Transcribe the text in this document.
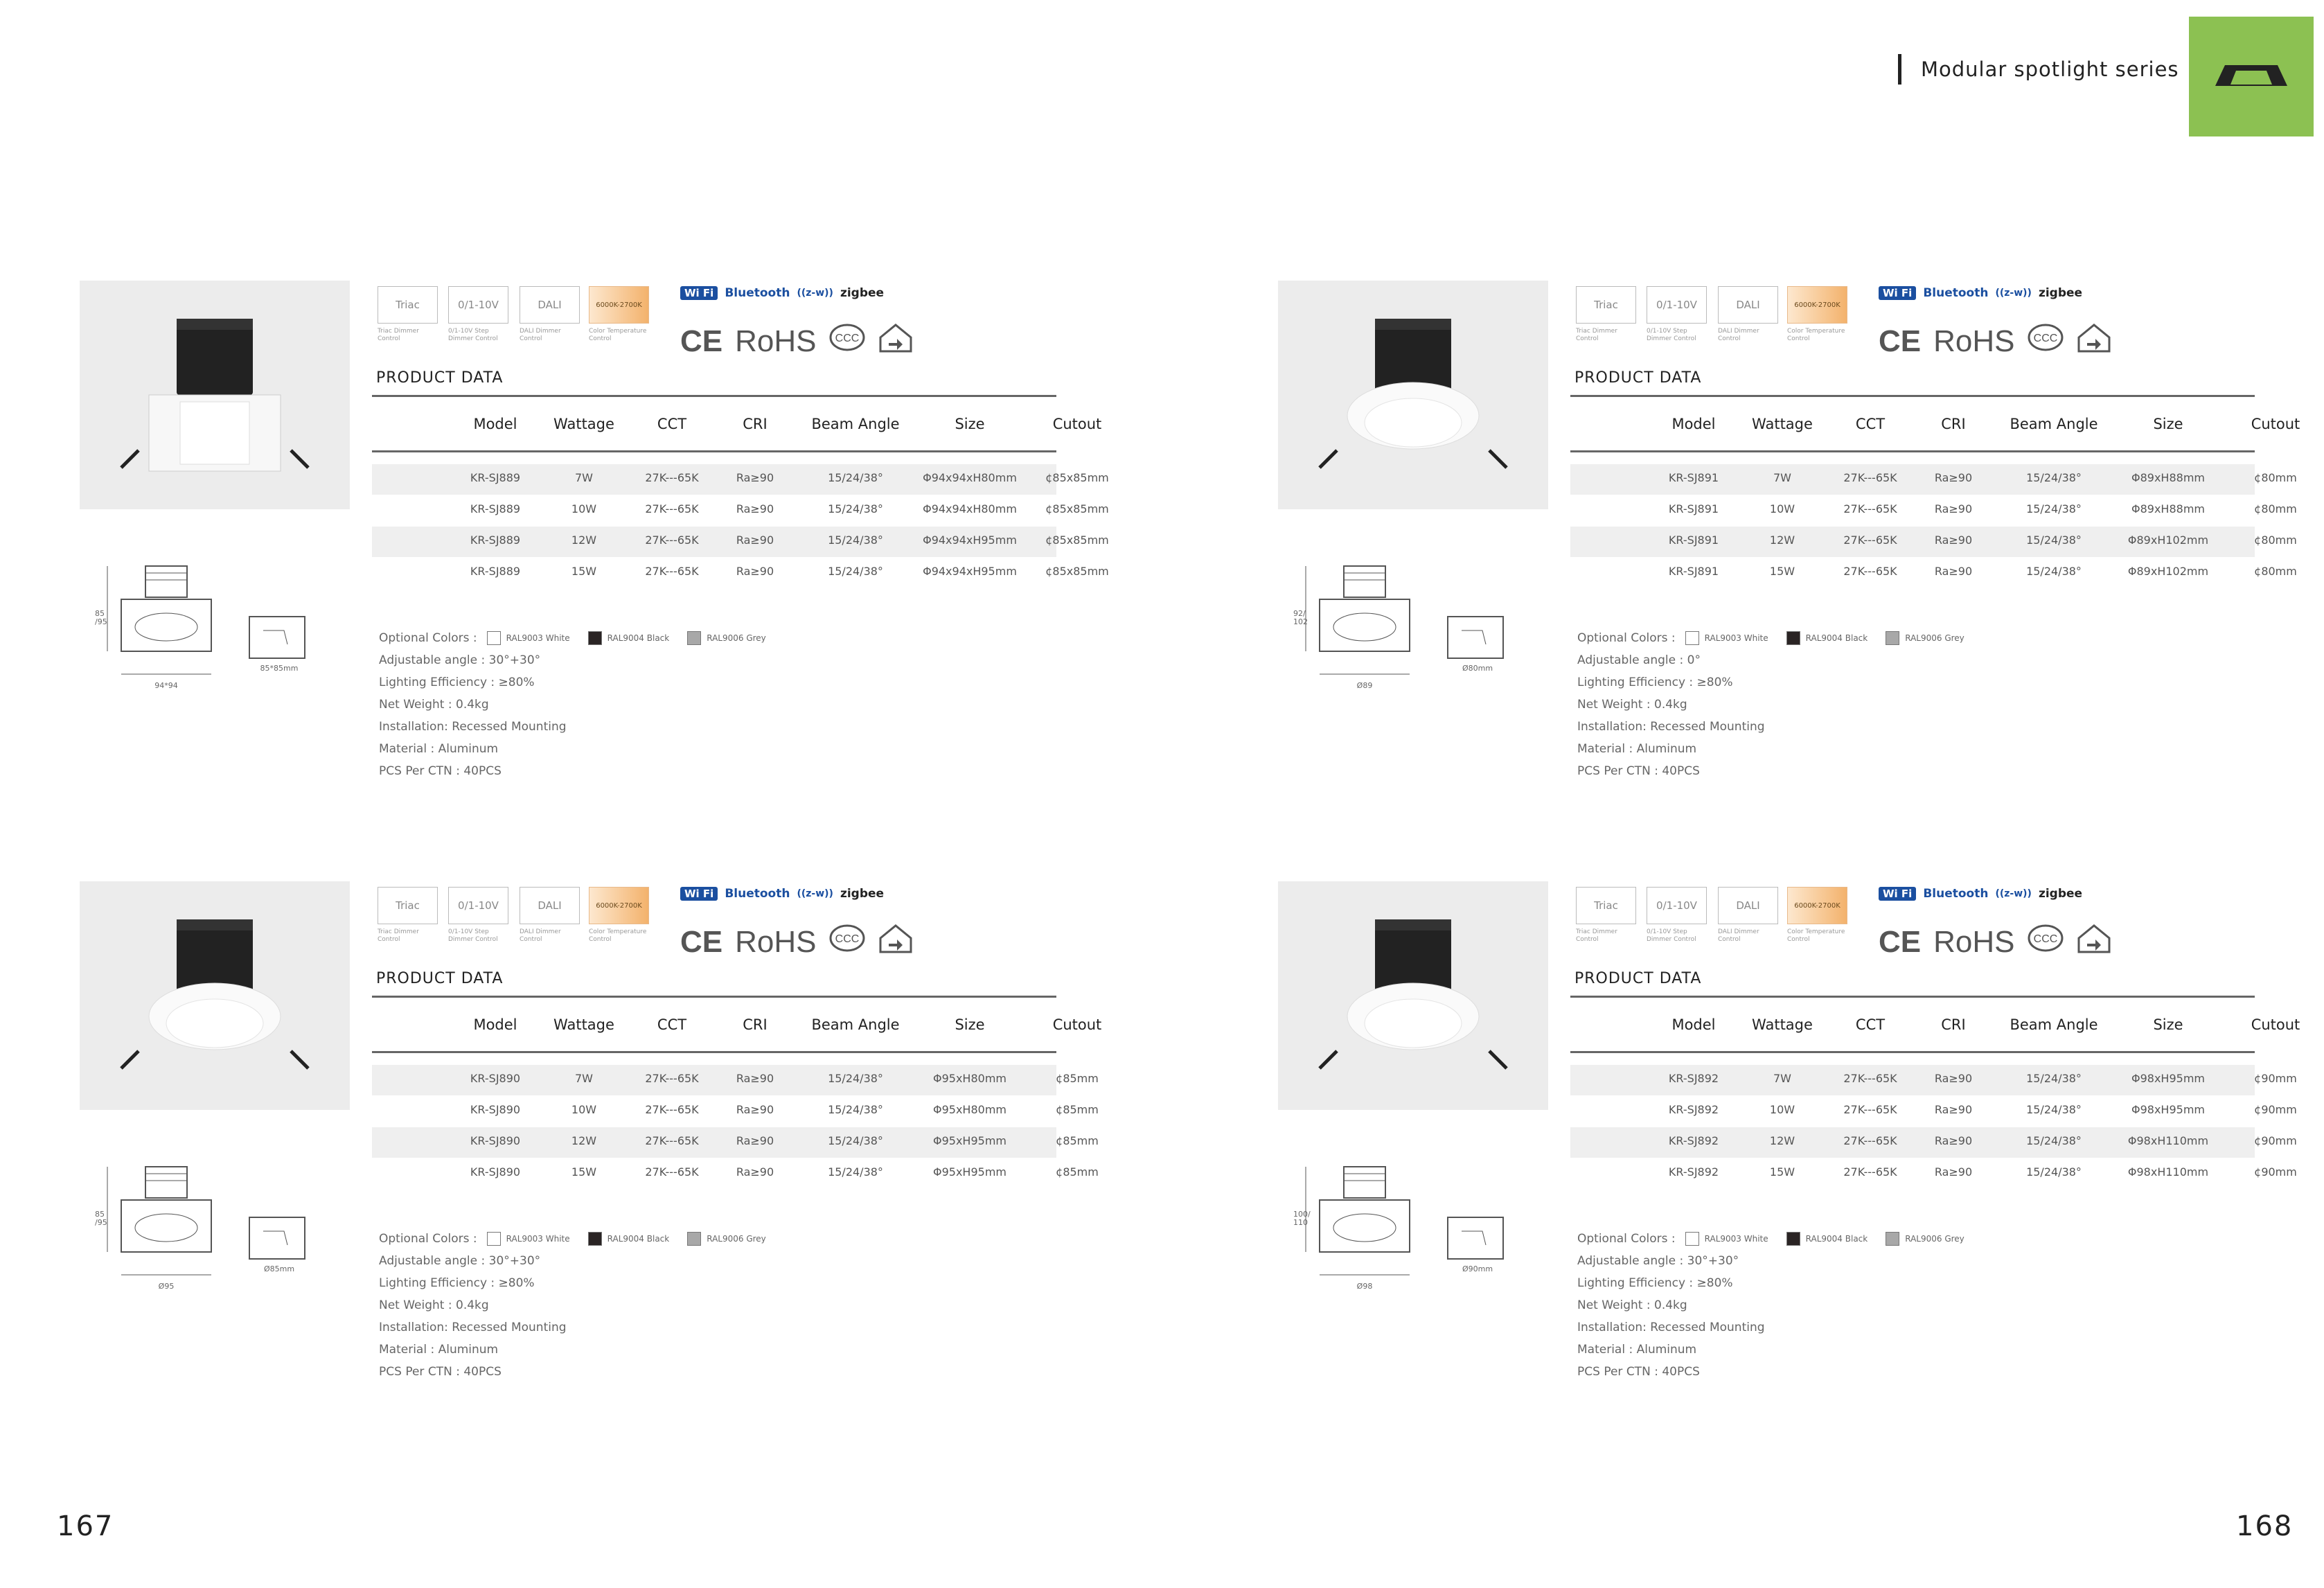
Modular spotlight series
85
/95
94*94
85*85mm
Triac
Triac Dimmer Control
0/1-10V
0/1-10V Step Dimmer Control
DALI
DALI Dimmer Control
6000K-2700K
Color Temperature Control
Wi Fi Bluetooth ((z-w)) zigbee
CE RoHS CCC
PRODUCT DATA
Model	Wattage	CCT	CRI	Beam Angle	Size	Cutout
KR-SJ889	7W	27K---65K	Ra≥90	15/24/38°	Φ94x94xH80mm	¢85x85mm
KR-SJ889	10W	27K---65K	Ra≥90	15/24/38°	Φ94x94xH80mm	¢85x85mm
KR-SJ889	12W	27K---65K	Ra≥90	15/24/38°	Φ94x94xH95mm	¢85x85mm
KR-SJ889	15W	27K---65K	Ra≥90	15/24/38°	Φ94x94xH95mm	¢85x85mm
Optional Colors :	RAL9003 White	RAL9004 Black	RAL9006 Grey
Adjustable angle : 30°+30°
Lighting Efficiency : ≥80%
Net Weight : 0.4kg
Installation: Recessed Mounting
Material : Aluminum
PCS Per CTN : 40PCS
92/
102
Ø89
Ø80mm
Triac
Triac Dimmer Control
0/1-10V
0/1-10V Step Dimmer Control
DALI
DALI Dimmer Control
6000K-2700K
Color Temperature Control
Wi Fi Bluetooth ((z-w)) zigbee
CE RoHS CCC
PRODUCT DATA
Model	Wattage	CCT	CRI	Beam Angle	Size	Cutout
KR-SJ891	7W	27K---65K	Ra≥90	15/24/38°	Φ89xH88mm	¢80mm
KR-SJ891	10W	27K---65K	Ra≥90	15/24/38°	Φ89xH88mm	¢80mm
KR-SJ891	12W	27K---65K	Ra≥90	15/24/38°	Φ89xH102mm	¢80mm
KR-SJ891	15W	27K---65K	Ra≥90	15/24/38°	Φ89xH102mm	¢80mm
Optional Colors :	RAL9003 White	RAL9004 Black	RAL9006 Grey
Adjustable angle : 0°
Lighting Efficiency : ≥80%
Net Weight : 0.4kg
Installation: Recessed Mounting
Material : Aluminum
PCS Per CTN : 40PCS
85
/95
Ø95
Ø85mm
Triac
Triac Dimmer Control
0/1-10V
0/1-10V Step Dimmer Control
DALI
DALI Dimmer Control
6000K-2700K
Color Temperature Control
Wi Fi Bluetooth ((z-w)) zigbee
CE RoHS CCC
PRODUCT DATA
Model	Wattage	CCT	CRI	Beam Angle	Size	Cutout
KR-SJ890	7W	27K---65K	Ra≥90	15/24/38°	Φ95xH80mm	¢85mm
KR-SJ890	10W	27K---65K	Ra≥90	15/24/38°	Φ95xH80mm	¢85mm
KR-SJ890	12W	27K---65K	Ra≥90	15/24/38°	Φ95xH95mm	¢85mm
KR-SJ890	15W	27K---65K	Ra≥90	15/24/38°	Φ95xH95mm	¢85mm
Optional Colors :	RAL9003 White	RAL9004 Black	RAL9006 Grey
Adjustable angle : 30°+30°
Lighting Efficiency : ≥80%
Net Weight : 0.4kg
Installation: Recessed Mounting
Material : Aluminum
PCS Per CTN : 40PCS
100/
110
Ø98
Ø90mm
Triac
Triac Dimmer Control
0/1-10V
0/1-10V Step Dimmer Control
DALI
DALI Dimmer Control
6000K-2700K
Color Temperature Control
Wi Fi Bluetooth ((z-w)) zigbee
CE RoHS CCC
PRODUCT DATA
Model	Wattage	CCT	CRI	Beam Angle	Size	Cutout
KR-SJ892	7W	27K---65K	Ra≥90	15/24/38°	Φ98xH95mm	¢90mm
KR-SJ892	10W	27K---65K	Ra≥90	15/24/38°	Φ98xH95mm	¢90mm
KR-SJ892	12W	27K---65K	Ra≥90	15/24/38°	Φ98xH110mm	¢90mm
KR-SJ892	15W	27K---65K	Ra≥90	15/24/38°	Φ98xH110mm	¢90mm
Optional Colors :	RAL9003 White	RAL9004 Black	RAL9006 Grey
Adjustable angle : 30°+30°
Lighting Efficiency : ≥80%
Net Weight : 0.4kg
Installation: Recessed Mounting
Material : Aluminum
PCS Per CTN : 40PCS
167	168
